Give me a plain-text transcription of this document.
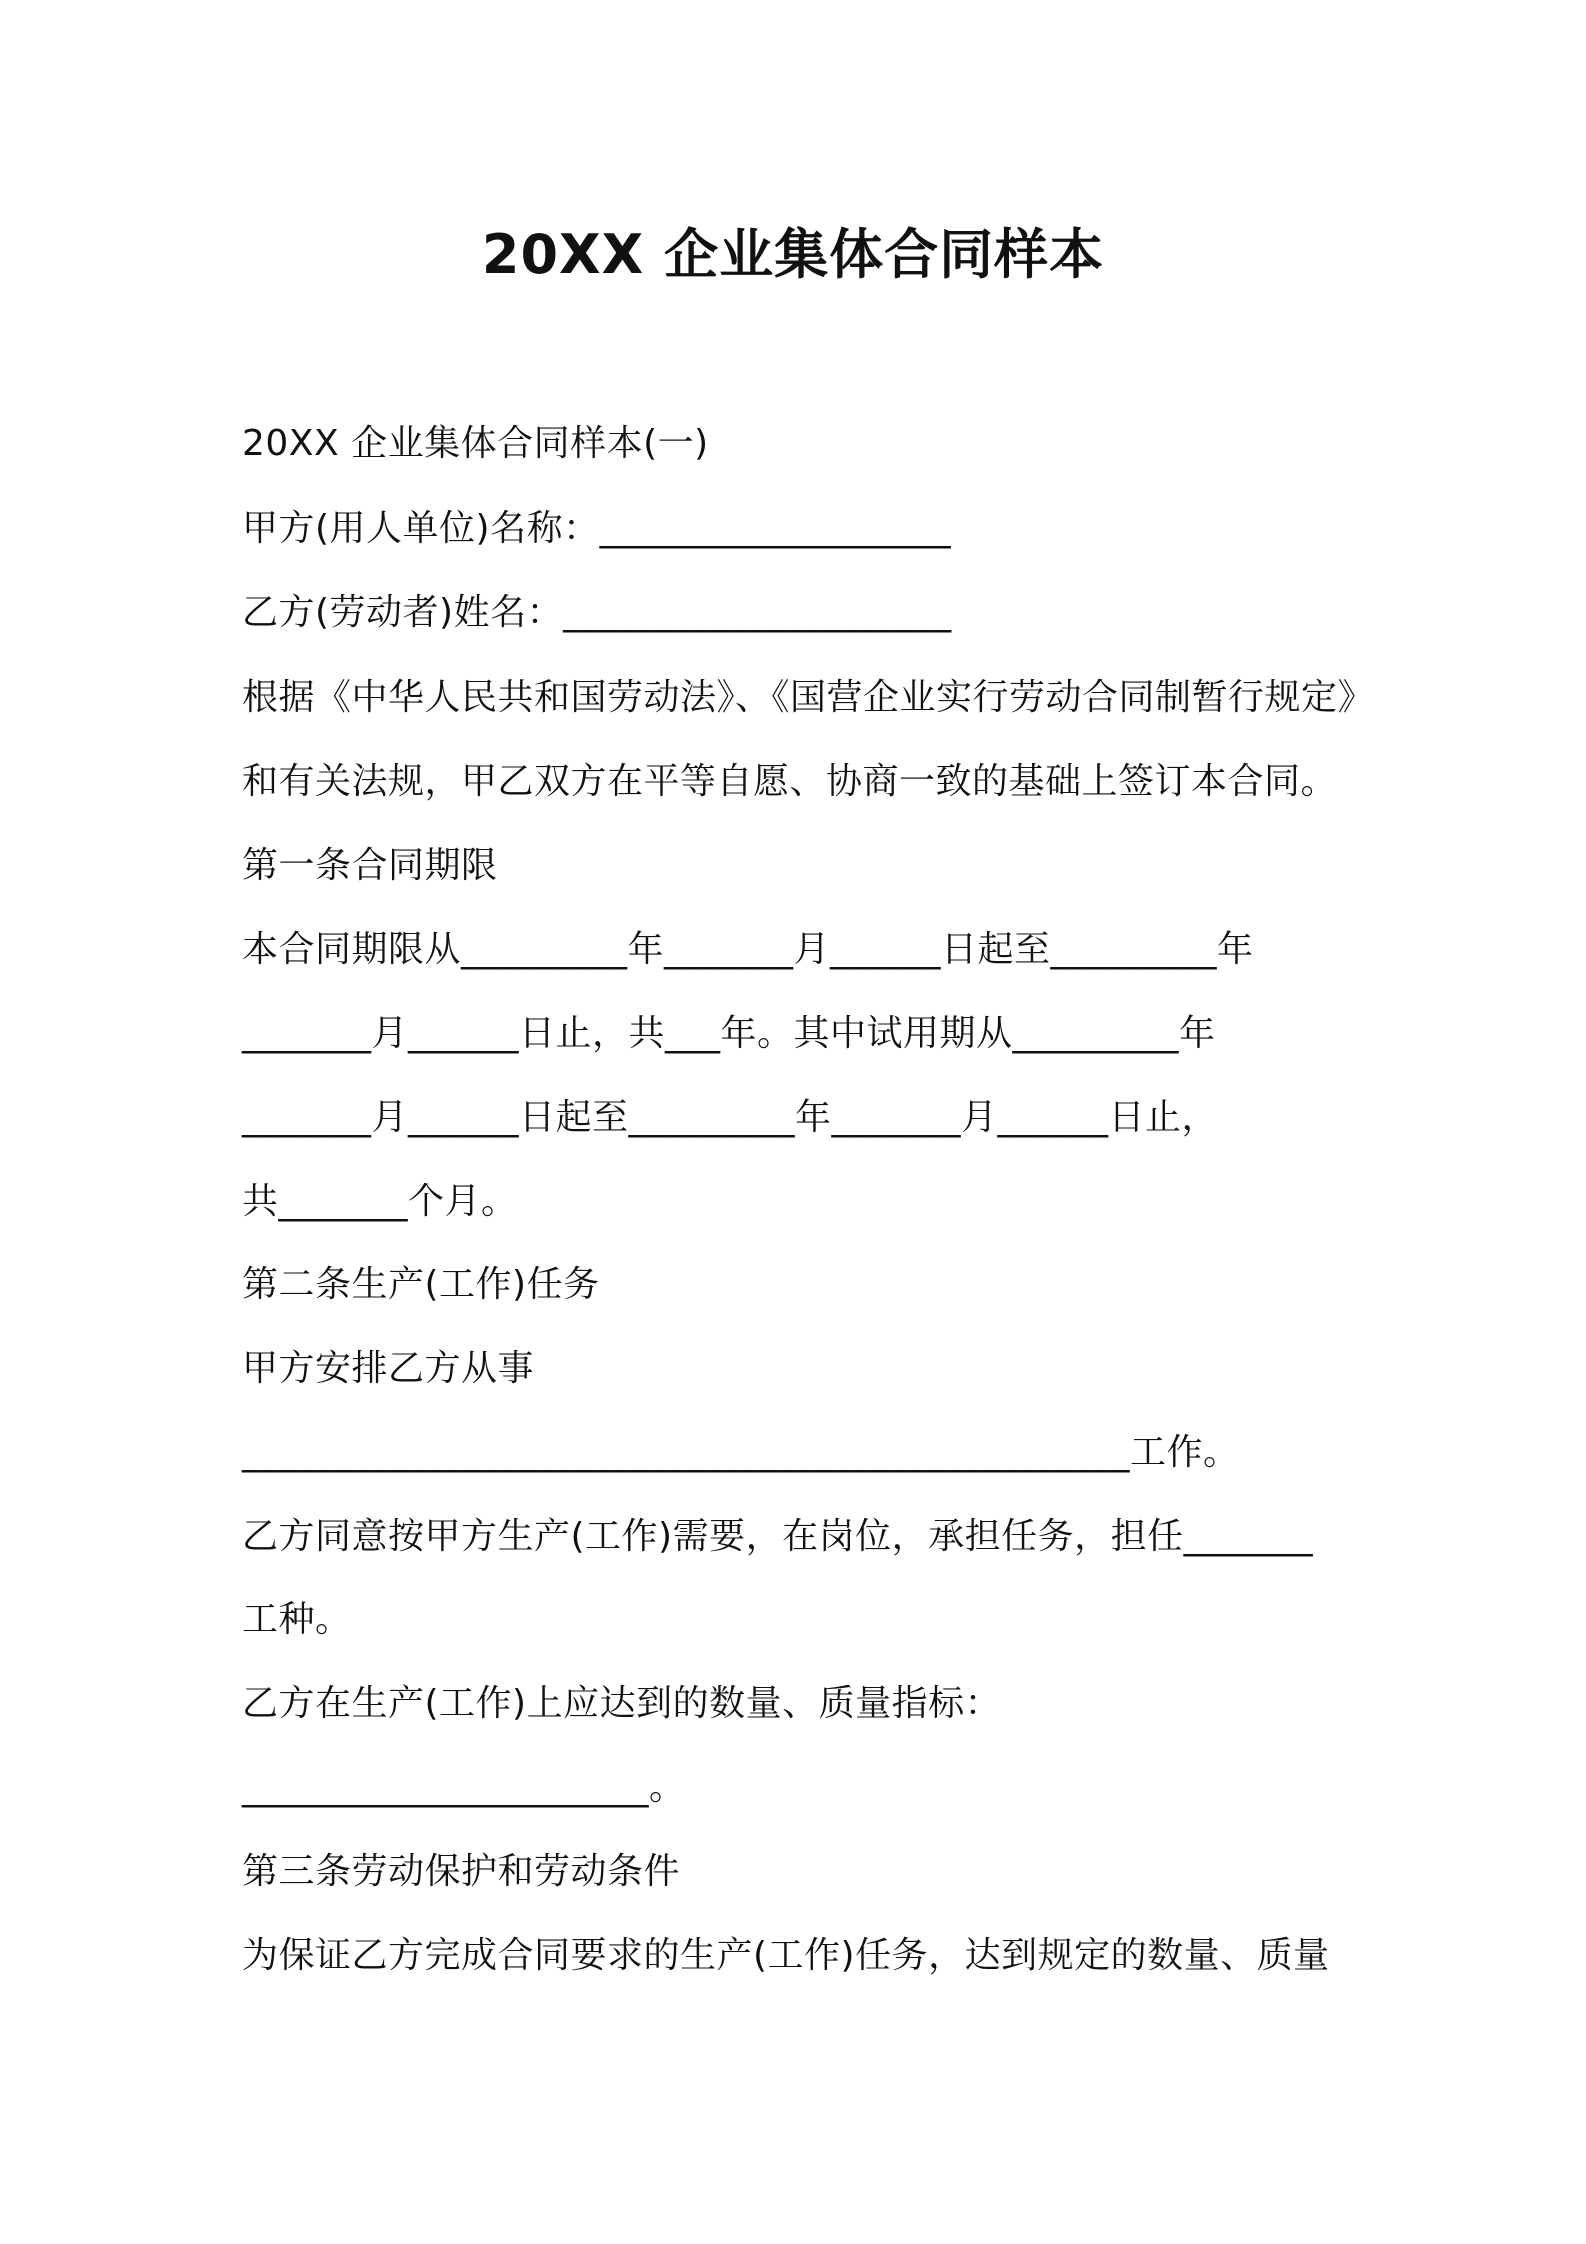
20XX 企业集体合同样本
20XX 企业集体合同样本(一)
甲方(用人单位)名称：___________________
乙方(劳动者)姓名：_____________________
根据《中华人民共和国劳动法》、《国营企业实行劳动合同制暂行规定》
和有关法规，甲乙双方在平等自愿、协商一致的基础上签订本合同。
第一条合同期限
本合同期限从_________年_______月______日起至_________年
_______月______日止，共___年。其中试用期从_________年
_______月______日起至_________年_______月______日止，
共_______个月。
第二条生产(工作)任务
甲方安排乙方从事
________________________________________________工作。
乙方同意按甲方生产(工作)需要，在岗位，承担任务，担任_______
工种。
乙方在生产(工作)上应达到的数量、质量指标：
______________________。
第三条劳动保护和劳动条件
为保证乙方完成合同要求的生产(工作)任务，达到规定的数量、质量
